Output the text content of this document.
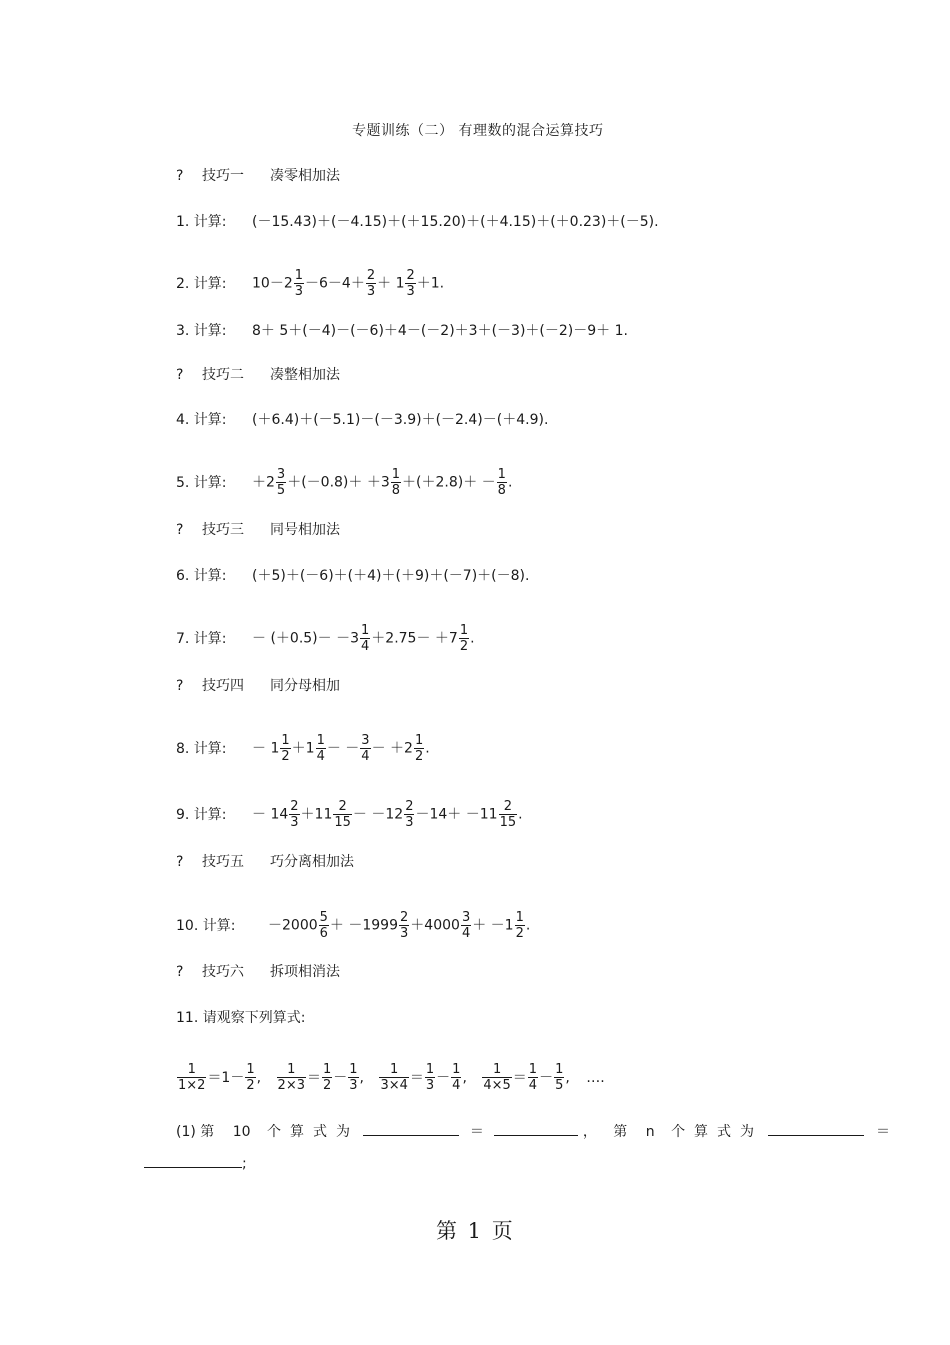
专题训练（二） 有理数的混合运算技巧
? 技巧一 凑零相加法
1. 计算: (－15.43)＋(－4.15)＋(＋15.20)＋(＋4.15)＋(＋0.23)＋(－5).
2. 计算: $10-2 \frac{1}{3} -6-4+ \frac{2}{3} + 1 \frac{2}{3} +1$.
3. 计算: 8＋ 5＋(－4)－(－6)＋4－(－2)＋3＋(－3)＋(－2)－9＋ 1.
? 技巧二 凑整相加法
4. 计算: (＋6.4)＋(－5.1)－(－3.9)＋(－2.4)－(＋4.9).
5. 计算: $+2 \frac{3}{5} +(-0.8)+ +3 \frac{1}{8} +(+2.8)+ - \frac{1}{8}$ .
? 技巧三 同号相加法
6. 计算: (＋5)＋(－6)＋(＋4)＋(＋9)＋(－7)＋(－8).
7. 计算: － $(+0.5)- -3 \frac{1}{4} +2.75- +7 \frac{1}{2}$ .
? 技巧四 同分母相加
8. 计算: － $1 \frac{1}{2} +1 \frac{1}{4}$ － － $\frac{3}{4} - +2 \frac{1}{2}$ .
9. 计算: － $14 \frac{2}{3} +11 \frac{2}{15} - -12 \frac{2}{3} -14+ -11 \frac{2}{15}$ .
? 技巧五 巧分离相加法
10. 计算: $-2000 \frac{5}{6} + -1999 \frac{2}{3} +4000 \frac{3}{4} + -1 \frac{1}{2}$ .
? 技巧六 拆项相消法
11. 请观察下列算式:
$\frac{1}{1\times 2} =1- \frac{1}{2}$ , $\frac{1}{2\times 3} = \frac{1}{2} - \frac{1}{3}$ , $\frac{1}{3\times 4} = \frac{1}{3} - \frac{1}{4}$ , $\frac{1}{4\times 5} = \frac{1}{4} - \frac{1}{5}$ , ….
(1) 第 10 个算式为	＝	， 第 n 个算式为	＝
;
第 1 页
